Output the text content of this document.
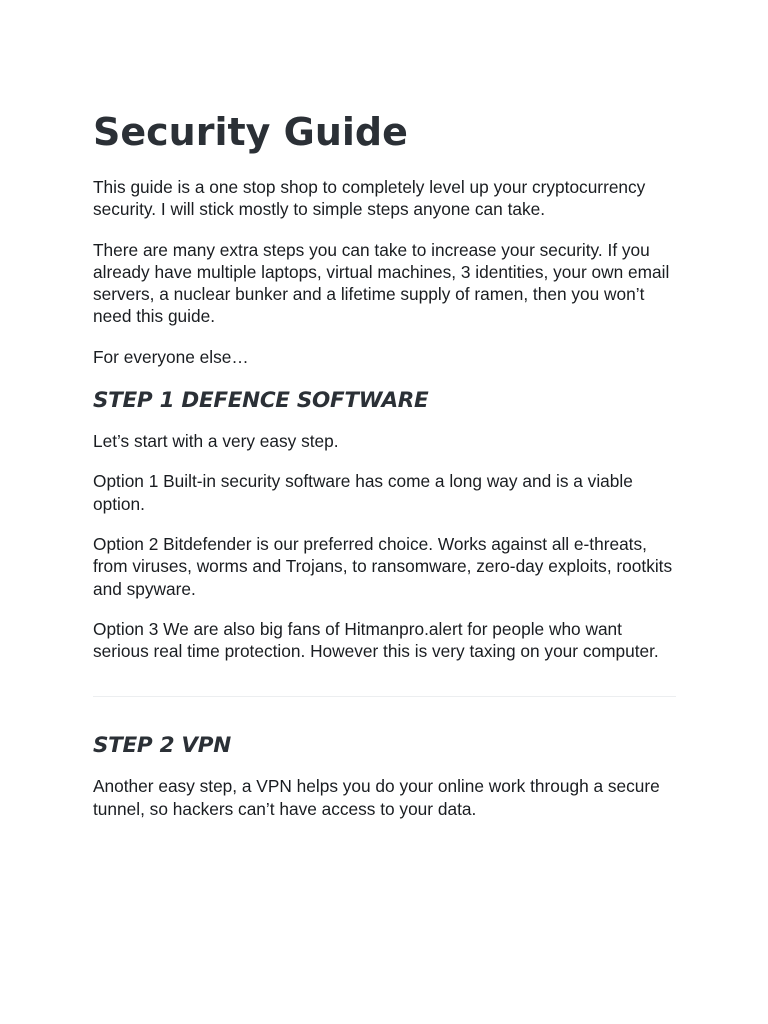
Security Guide

This guide is a one stop shop to completely level up your cryptocurrency security. I will stick mostly to simple steps anyone can take.

There are many extra steps you can take to increase your security. If you already have multiple laptops, virtual machines, 3 identities, your own email servers, a nuclear bunker and a lifetime supply of ramen, then you won’t need this guide.

For everyone else…

STEP 1 DEFENCE SOFTWARE

Let’s start with a very easy step.

Option 1 Built-in security software has come a long way and is a viable option.

Option 2 Bitdefender is our preferred choice. Works against all e-threats, from viruses, worms and Trojans, to ransomware, zero-day exploits, rootkits and spyware.

Option 3 We are also big fans of Hitmanpro.alert for people who want serious real time protection. However this is very taxing on your computer.

STEP 2 VPN

Another easy step, a VPN helps you do your online work through a secure tunnel, so hackers can’t have access to your data.
